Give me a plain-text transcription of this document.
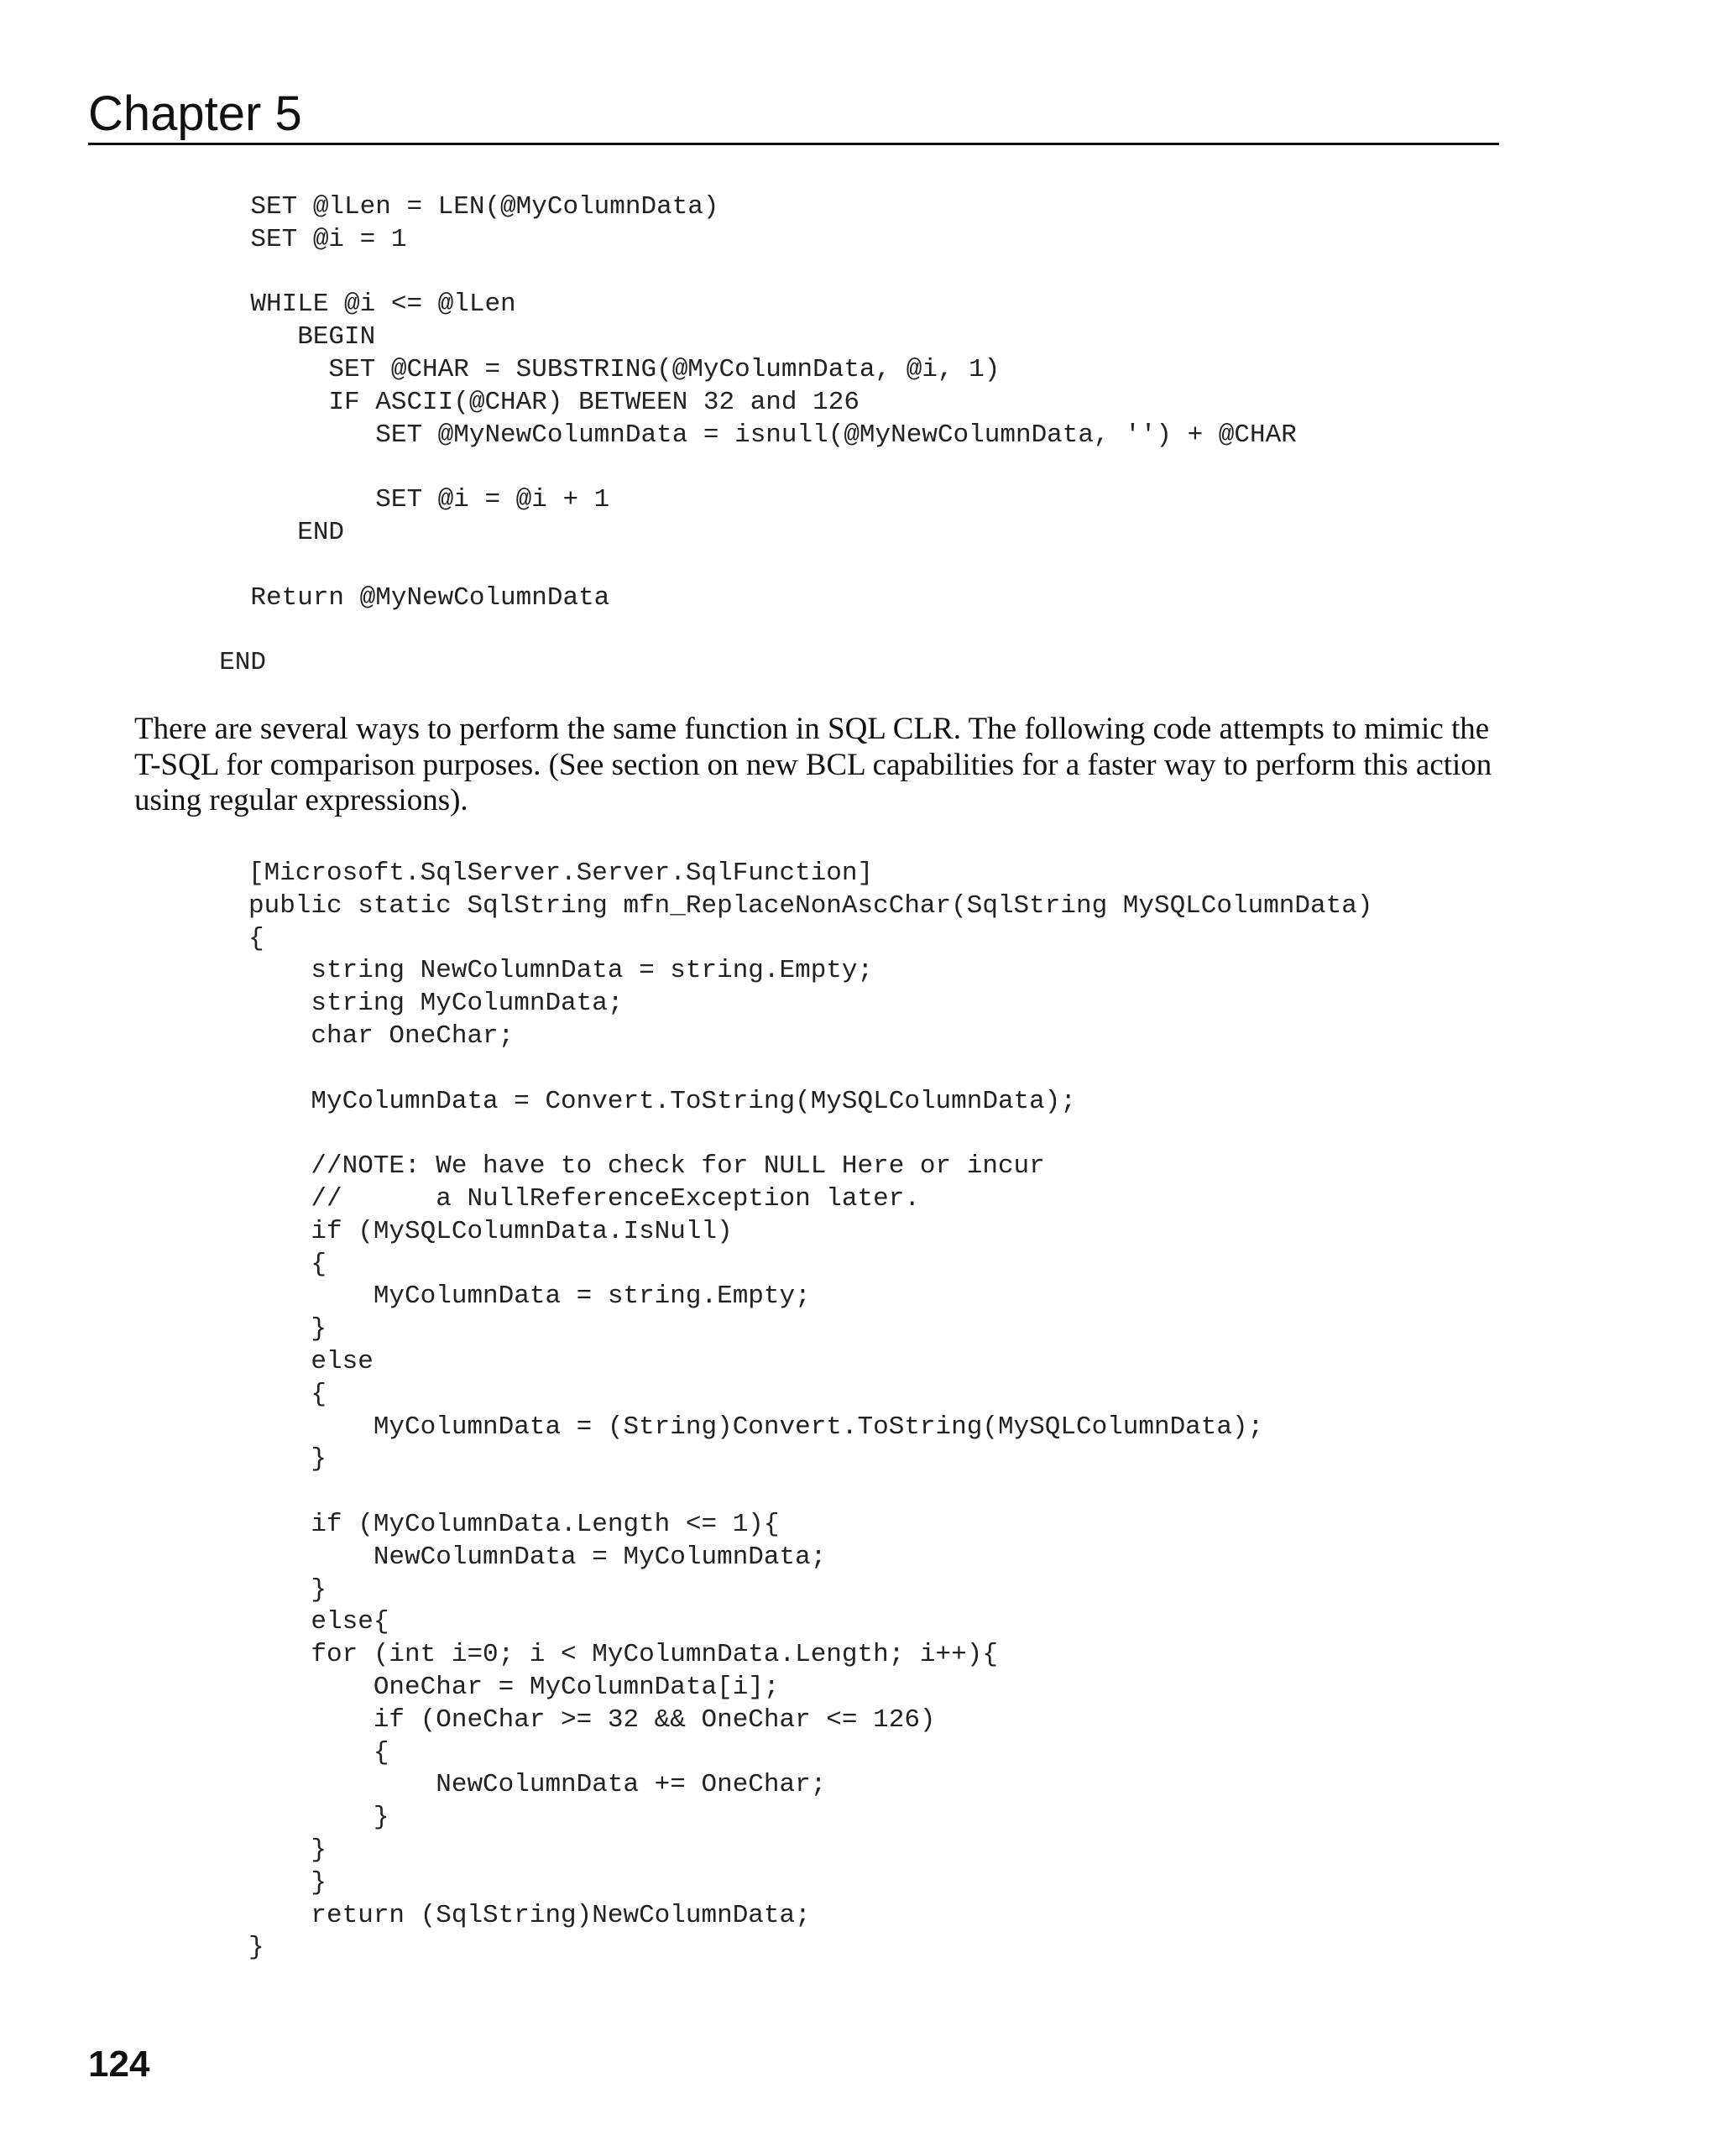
Chapter 5
SET @lLen = LEN(@MyColumnData)
SET @i = 1
WHILE @i <= @lLen
BEGIN
SET @CHAR = SUBSTRING(@MyColumnData, @i, 1)
IF ASCII(@CHAR) BETWEEN 32 and 126
SET @MyNewColumnData = isnull(@MyNewColumnData, '') + @CHAR
SET @i = @i + 1
END
Return @MyNewColumnData
END

There are several ways to perform the same function in SQL CLR. The following code attempts to mimic the T-SQL for comparison purposes. (See section on new BCL capabilities for a faster way to perform this action using regular expressions).

[Microsoft.SqlServer.Server.SqlFunction]
public static SqlString mfn_ReplaceNonAscChar(SqlString MySQLColumnData)
{
string NewColumnData = string.Empty;
string MyColumnData;
char OneChar;
MyColumnData = Convert.ToString(MySQLColumnData);
//NOTE: We have to check for NULL Here or incur
//      a NullReferenceException later.
if (MySQLColumnData.IsNull)
{
MyColumnData = string.Empty;
}
else
{
MyColumnData = (String)Convert.ToString(MySQLColumnData);
}
if (MyColumnData.Length <= 1){
NewColumnData = MyColumnData;
}
else{
for (int i=0; i < MyColumnData.Length; i++){
OneChar = MyColumnData[i];
if (OneChar >= 32 && OneChar <= 126)
{
NewColumnData += OneChar;
}
}
}
return (SqlString)NewColumnData;
}
124
